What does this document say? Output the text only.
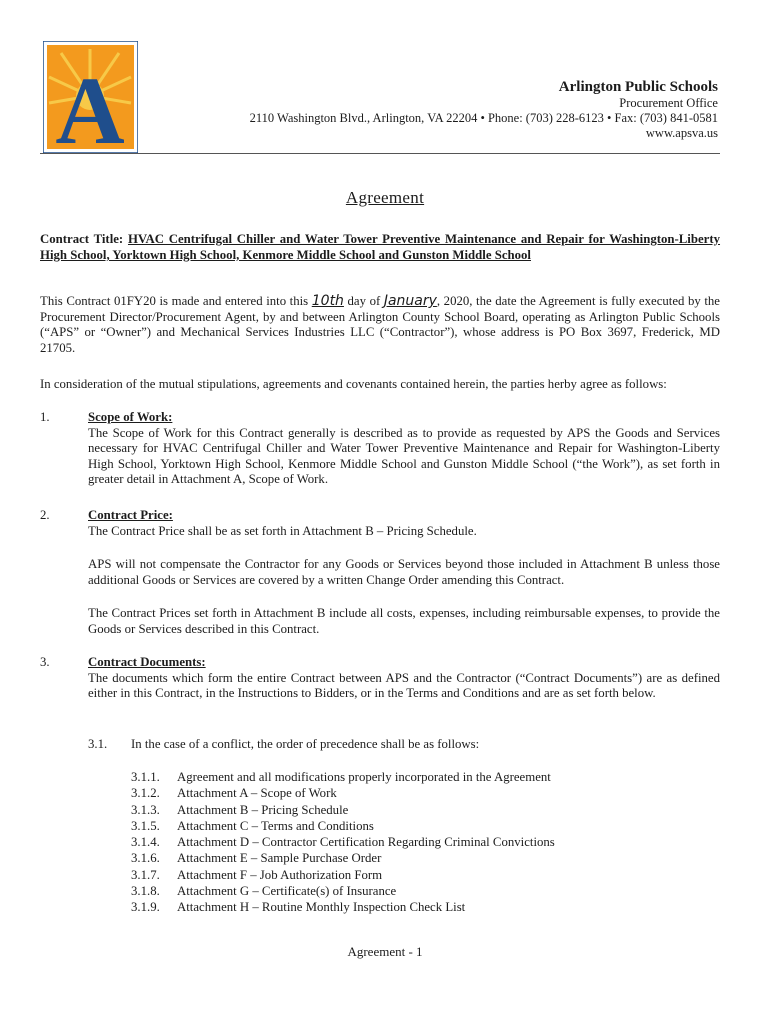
A	Arlington Public Schools
Procurement Office
2110 Washington Blvd., Arlington, VA 22204 • Phone: (703) 228-6123 • Fax: (703) 841-0581
www.apsva.us
Agreement
Contract Title: HVAC Centrifugal Chiller and Water Tower Preventive Maintenance and Repair for Washington-Liberty High School, Yorktown High School, Kenmore Middle School and Gunston Middle School
This Contract 01FY20 is made and entered into this 10th day of January, 2020, the date the Agreement is fully executed by the Procurement Director/Procurement Agent, by and between Arlington County School Board, operating as Arlington Public Schools (“APS” or “Owner”) and Mechanical Services Industries LLC (“Contractor”), whose address is PO Box 3697, Frederick, MD 21705.
In consideration of the mutual stipulations, agreements and covenants contained herein, the parties herby agree as follows:
1.	Scope of Work:
The Scope of Work for this Contract generally is described as to provide as requested by APS the Goods and Services necessary for HVAC Centrifugal Chiller and Water Tower Preventive Maintenance and Repair for Washington-Liberty High School, Yorktown High School, Kenmore Middle School and Gunston Middle School (“the Work”), as set forth in greater detail in Attachment A, Scope of Work.
2.	Contract Price:
The Contract Price shall be as set forth in Attachment B – Pricing Schedule.
APS will not compensate the Contractor for any Goods or Services beyond those included in Attachment B unless those additional Goods or Services are covered by a written Change Order amending this Contract.
The Contract Prices set forth in Attachment B include all costs, expenses, including reimbursable expenses, to provide the Goods or Services described in this Contract.
3.	Contract Documents:
The documents which form the entire Contract between APS and the Contractor (“Contract Documents”) are as defined either in this Contract, in the Instructions to Bidders, or in the Terms and Conditions and are as set forth below.
3.1. In the case of a conflict, the order of precedence shall be as follows:
3.1.1.	Agreement and all modifications properly incorporated in the Agreement
3.1.2.	Attachment A – Scope of Work
3.1.3.	Attachment B – Pricing Schedule
3.1.5.	Attachment C – Terms and Conditions
3.1.4.	Attachment D – Contractor Certification Regarding Criminal Convictions
3.1.6.	Attachment E – Sample Purchase Order
3.1.7.	Attachment F – Job Authorization Form
3.1.8.	Attachment G – Certificate(s) of Insurance
3.1.9.	Attachment H – Routine Monthly Inspection Check List
Agreement - 1
